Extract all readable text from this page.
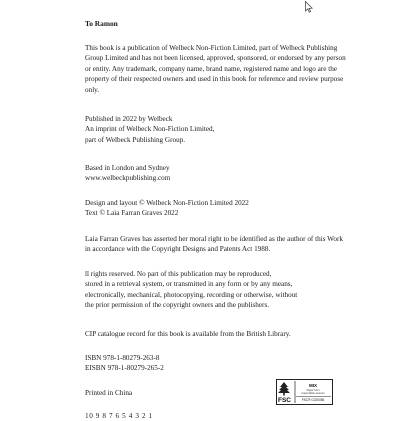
To Ramon

This book is a publication of Welbeck Non-Fiction Limited, part of Welbeck Publishing Group Limited and has not been licensed, approved, sponsored, or endorsed by any person or entity. Any trademark, company name, brand name, registered name and logo are the property of their respected owners and used in this book for reference and review purpose only.

Published in 2022 by Welbeck
An imprint of Welbeck Non-Fiction Limited,
part of Welbeck Publishing Group.

Based in London and Sydney
www.welbeckpublishing.com

Design and layout © Welbeck Non-Fiction Limited 2022
Text © Laia Farran Graves 2022

Laia Farran Graves has asserted her moral right to be identified as the author of this Work in accordance with the Copyright Designs and Patents Act 1988.

ll rights reserved. No part of this publication may be reproduced,
stored in a retrieval system, or transmitted in any form or by any means,
electronically, mechanical, photocopying, recording or otherwise, without
the prior permission of the copyright owners and the publishers.

CIP catalogue record for this book is available from the British Library.

ISBN 978-1-80279-263-8
EISBN 978-1-80279-265-2

Printed in China

10 9 8 7 6 5 4 3 2 1

FSC
MIX
Paper from
responsible sources
FSC® C020056
